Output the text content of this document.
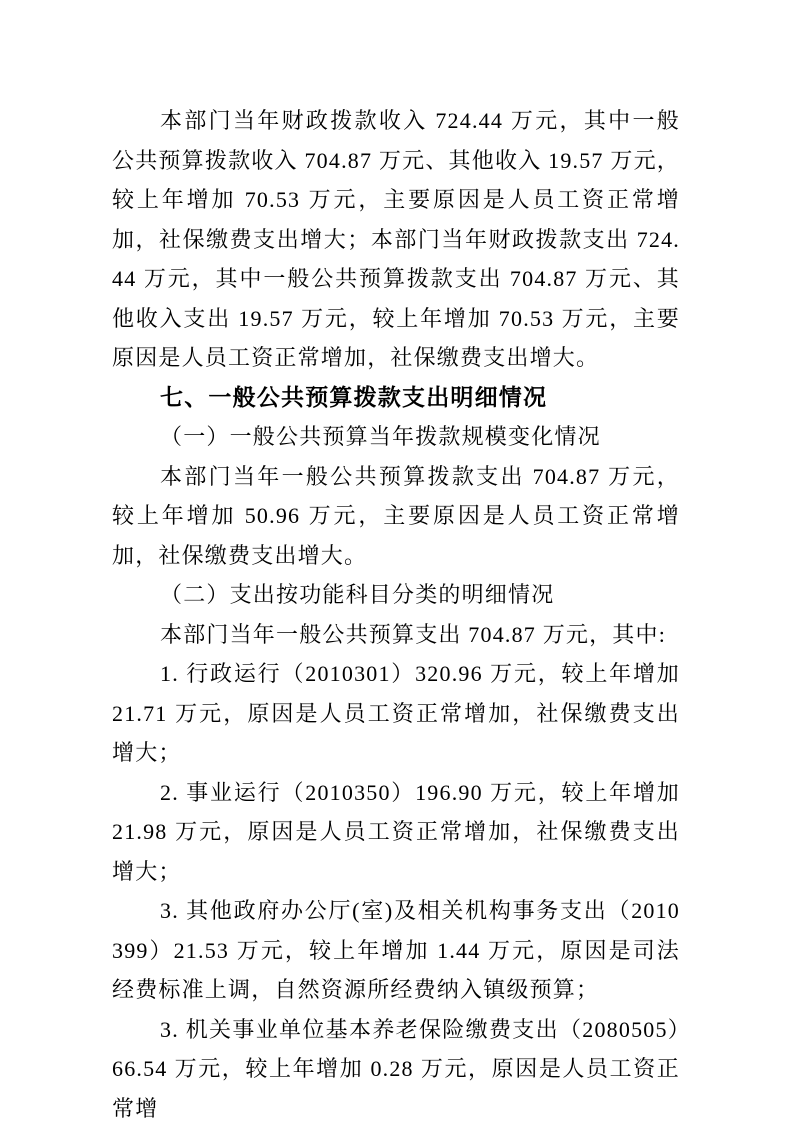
本部门当年财政拨款收入 724.44 万元，其中一般公共预算拨款收入 704.87 万元、其他收入 19.57 万元，较上年增加 70.53 万元，主要原因是人员工资正常增加，社保缴费支出增大；本部门当年财政拨款支出 724.44 万元，其中一般公共预算拨款支出 704.87 万元、其他收入支出 19.57 万元，较上年增加 70.53 万元，主要原因是人员工资正常增加，社保缴费支出增大。

七、一般公共预算拨款支出明细情况

（一）一般公共预算当年拨款规模变化情况

本部门当年一般公共预算拨款支出 704.87 万元，较上年增加 50.96 万元，主要原因是人员工资正常增加，社保缴费支出增大。

（二）支出按功能科目分类的明细情况

本部门当年一般公共预算支出 704.87 万元，其中:

1. 行政运行（2010301）320.96 万元，较上年增加 21.71 万元，原因是人员工资正常增加，社保缴费支出增大；

2. 事业运行（2010350）196.90 万元，较上年增加 21.98 万元，原因是人员工资正常增加，社保缴费支出增大；

3. 其他政府办公厅(室)及相关机构事务支出（2010399）21.53 万元，较上年增加 1.44 万元，原因是司法经费标准上调，自然资源所经费纳入镇级预算；

3. 机关事业单位基本养老保险缴费支出（2080505）66.54 万元，较上年增加 0.28 万元，原因是人员工资正常增
